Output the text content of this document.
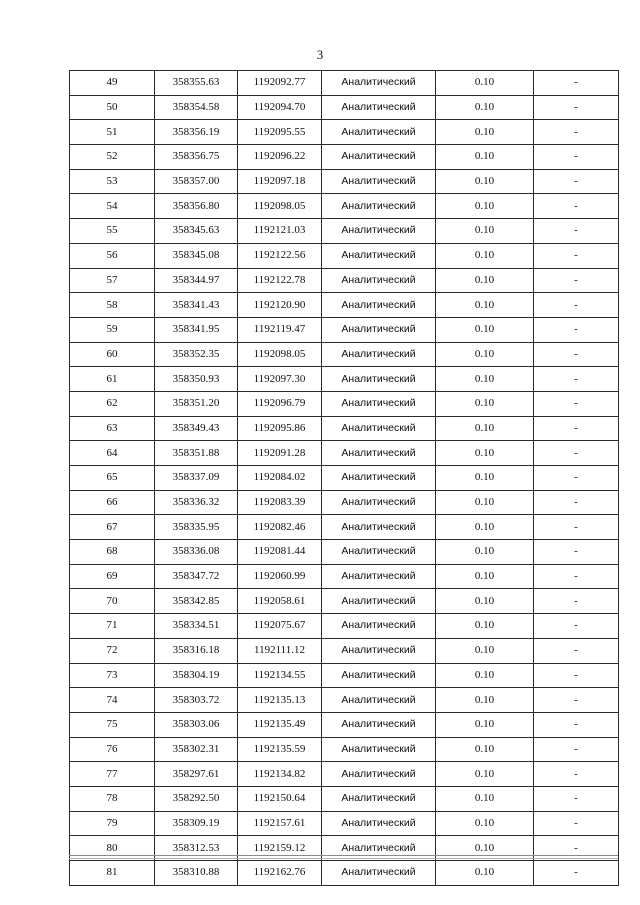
3
49	358355.63	1192092.77	Аналитический	0.10	-
50	358354.58	1192094.70	Аналитический	0.10	-
51	358356.19	1192095.55	Аналитический	0.10	-
52	358356.75	1192096.22	Аналитический	0.10	-
53	358357.00	1192097.18	Аналитический	0.10	-
54	358356.80	1192098.05	Аналитический	0.10	-
55	358345.63	1192121.03	Аналитический	0.10	-
56	358345.08	1192122.56	Аналитический	0.10	-
57	358344.97	1192122.78	Аналитический	0.10	-
58	358341.43	1192120.90	Аналитический	0.10	-
59	358341.95	1192119.47	Аналитический	0.10	-
60	358352.35	1192098.05	Аналитический	0.10	-
61	358350.93	1192097.30	Аналитический	0.10	-
62	358351.20	1192096.79	Аналитический	0.10	-
63	358349.43	1192095.86	Аналитический	0.10	-
64	358351.88	1192091.28	Аналитический	0.10	-
65	358337.09	1192084.02	Аналитический	0.10	-
66	358336.32	1192083.39	Аналитический	0.10	-
67	358335.95	1192082.46	Аналитический	0.10	-
68	358336.08	1192081.44	Аналитический	0.10	-
69	358347.72	1192060.99	Аналитический	0.10	-
70	358342.85	1192058.61	Аналитический	0.10	-
71	358334.51	1192075.67	Аналитический	0.10	-
72	358316.18	1192111.12	Аналитический	0.10	-
73	358304.19	1192134.55	Аналитический	0.10	-
74	358303.72	1192135.13	Аналитический	0.10	-
75	358303.06	1192135.49	Аналитический	0.10	-
76	358302.31	1192135.59	Аналитический	0.10	-
77	358297.61	1192134.82	Аналитический	0.10	-
78	358292.50	1192150.64	Аналитический	0.10	-
79	358309.19	1192157.61	Аналитический	0.10	-
80	358312.53	1192159.12	Аналитический	0.10	-
81	358310.88	1192162.76	Аналитический	0.10	-
